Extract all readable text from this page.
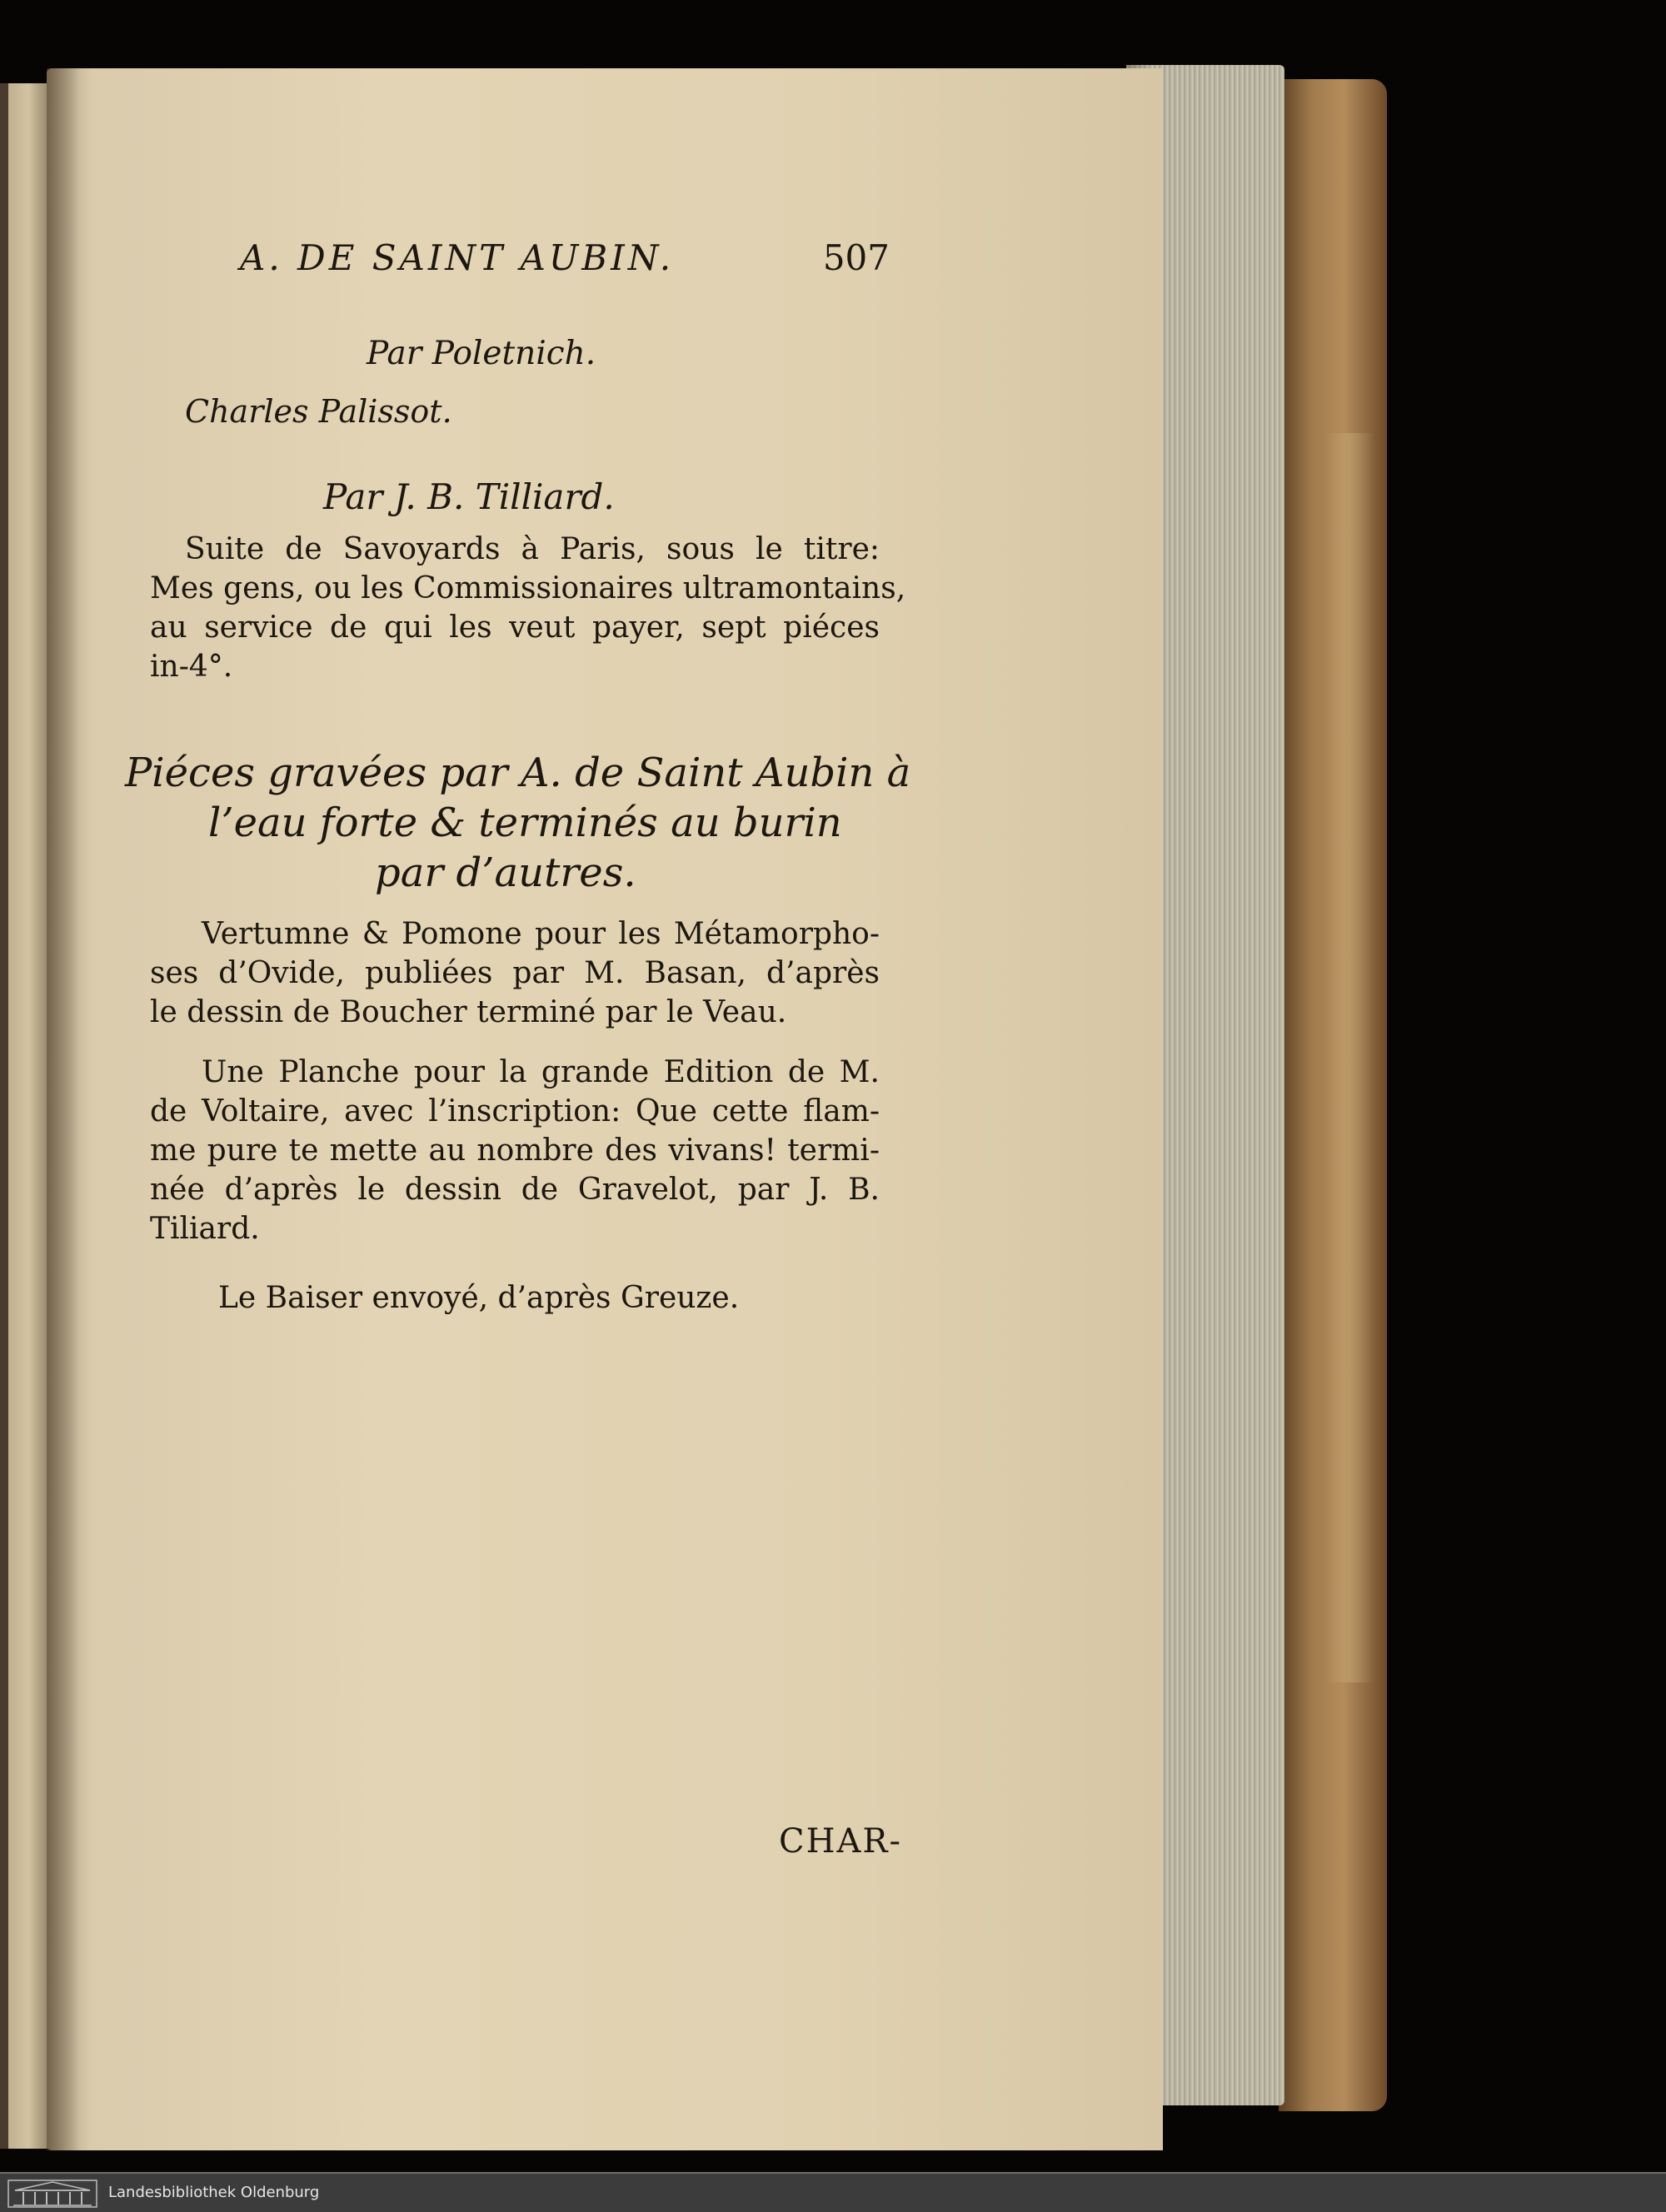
A. DE SAINT AUBIN.	507
Par Poletnich.
Charles Palissot.
Par J. B. Tilliard.
Suite de Savoyards à Paris, sous le titre:
Mes gens, ou les Commissionaires ultramontains,
au service de qui les veut payer, sept piéces
in-4°.
Piéces gravées par A. de Saint Aubin à
l’eau forte & terminés au burin
par d’autres.
Vertumne & Pomone pour les Métamorpho-
ses d’Ovide, publiées par M. Basan, d’après
le dessin de Boucher terminé par le Veau.
Une Planche pour la grande Edition de M.
de Voltaire, avec l’inscription: Que cette flam-
me pure te mette au nombre des vivans! termi-
née d’après le dessin de Gravelot, par J. B.
Tiliard.
Le Baiser envoyé, d’après Greuze.
CHAR-
Landesbibliothek Oldenburg
